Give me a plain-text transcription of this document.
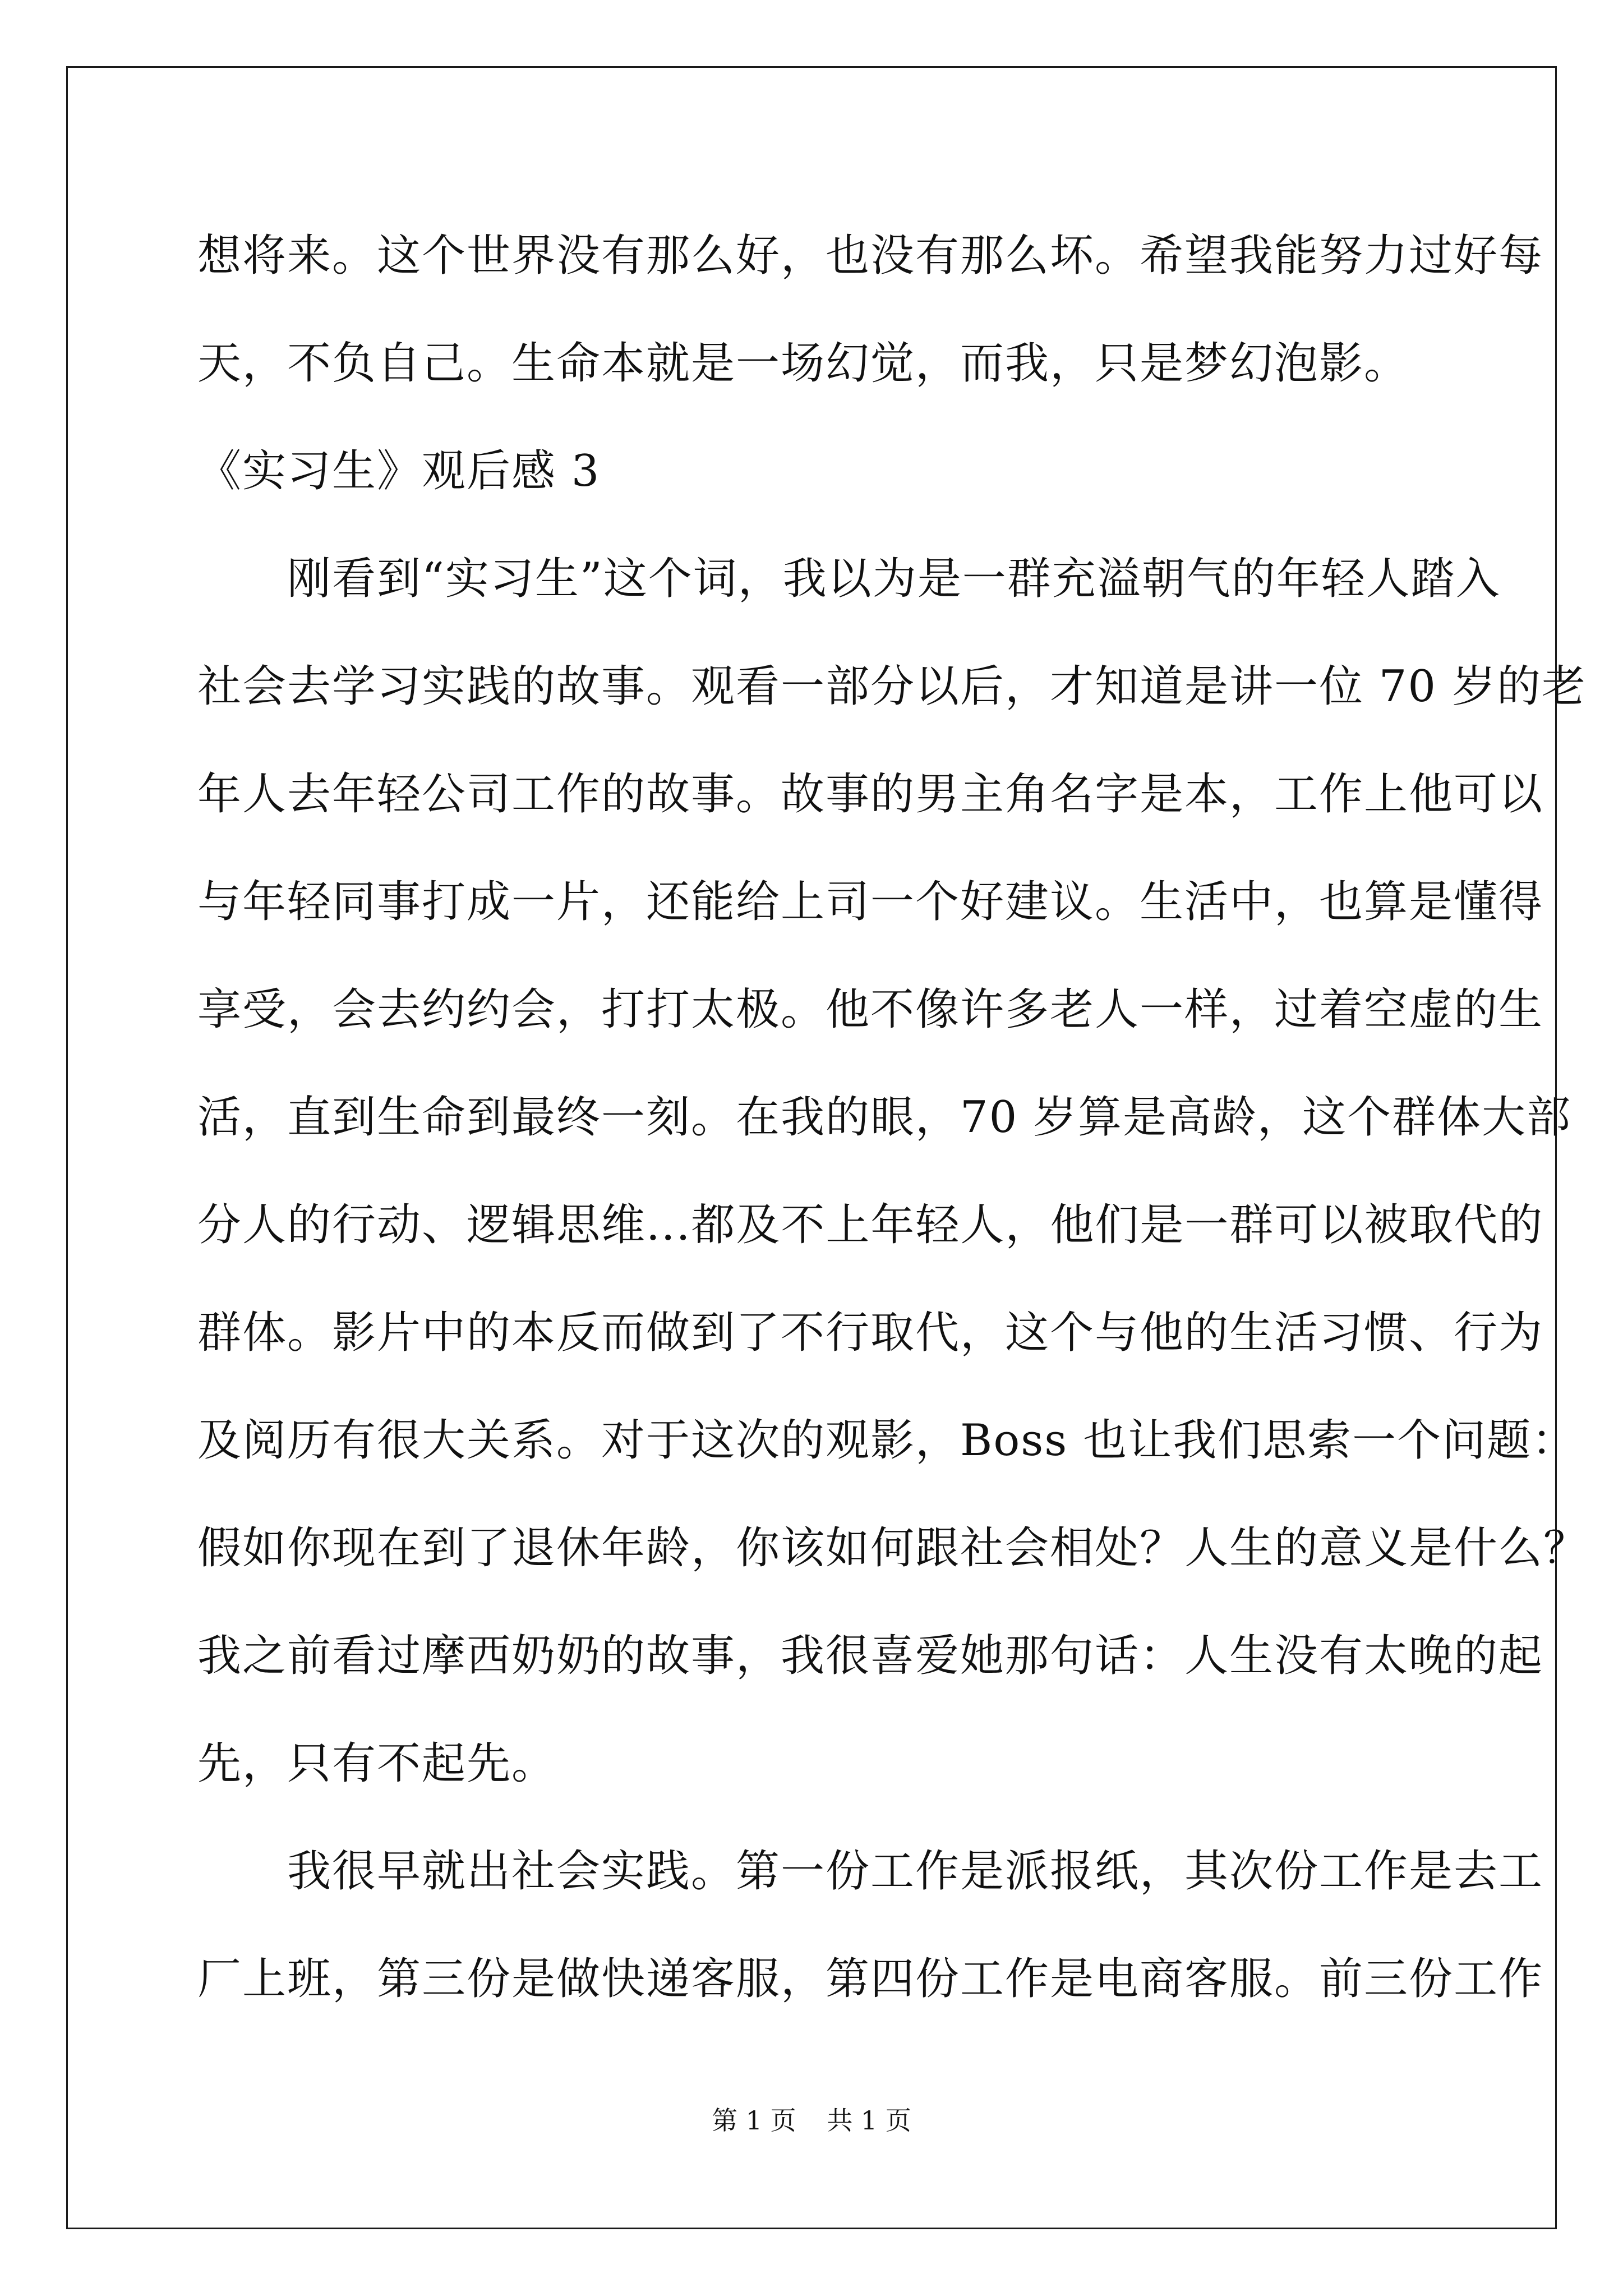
想将来。这个世界没有那么好，也没有那么坏。希望我能努力过好每
天，不负自己。生命本就是一场幻觉，而我，只是梦幻泡影。
《实习生》观后感 3
　　刚看到“实习生”这个词，我以为是一群充溢朝气的年轻人踏入
社会去学习实践的故事。观看一部分以后，才知道是讲一位 70 岁的老
年人去年轻公司工作的故事。故事的男主角名字是本，工作上他可以
与年轻同事打成一片，还能给上司一个好建议。生活中，也算是懂得
享受，会去约约会，打打太极。他不像许多老人一样，过着空虚的生
活，直到生命到最终一刻。在我的眼，70 岁算是高龄，这个群体大部
分人的行动、逻辑思维...都及不上年轻人，他们是一群可以被取代的
群体。影片中的本反而做到了不行取代，这个与他的生活习惯、行为
及阅历有很大关系。对于这次的观影，Boss 也让我们思索一个问题：
假如你现在到了退休年龄，你该如何跟社会相处？人生的意义是什么？
我之前看过摩西奶奶的故事，我很喜爱她那句话：人生没有太晚的起
先，只有不起先。
　　我很早就出社会实践。第一份工作是派报纸，其次份工作是去工
厂上班，第三份是做快递客服，第四份工作是电商客服。前三份工作
第 1 页 共 1 页
